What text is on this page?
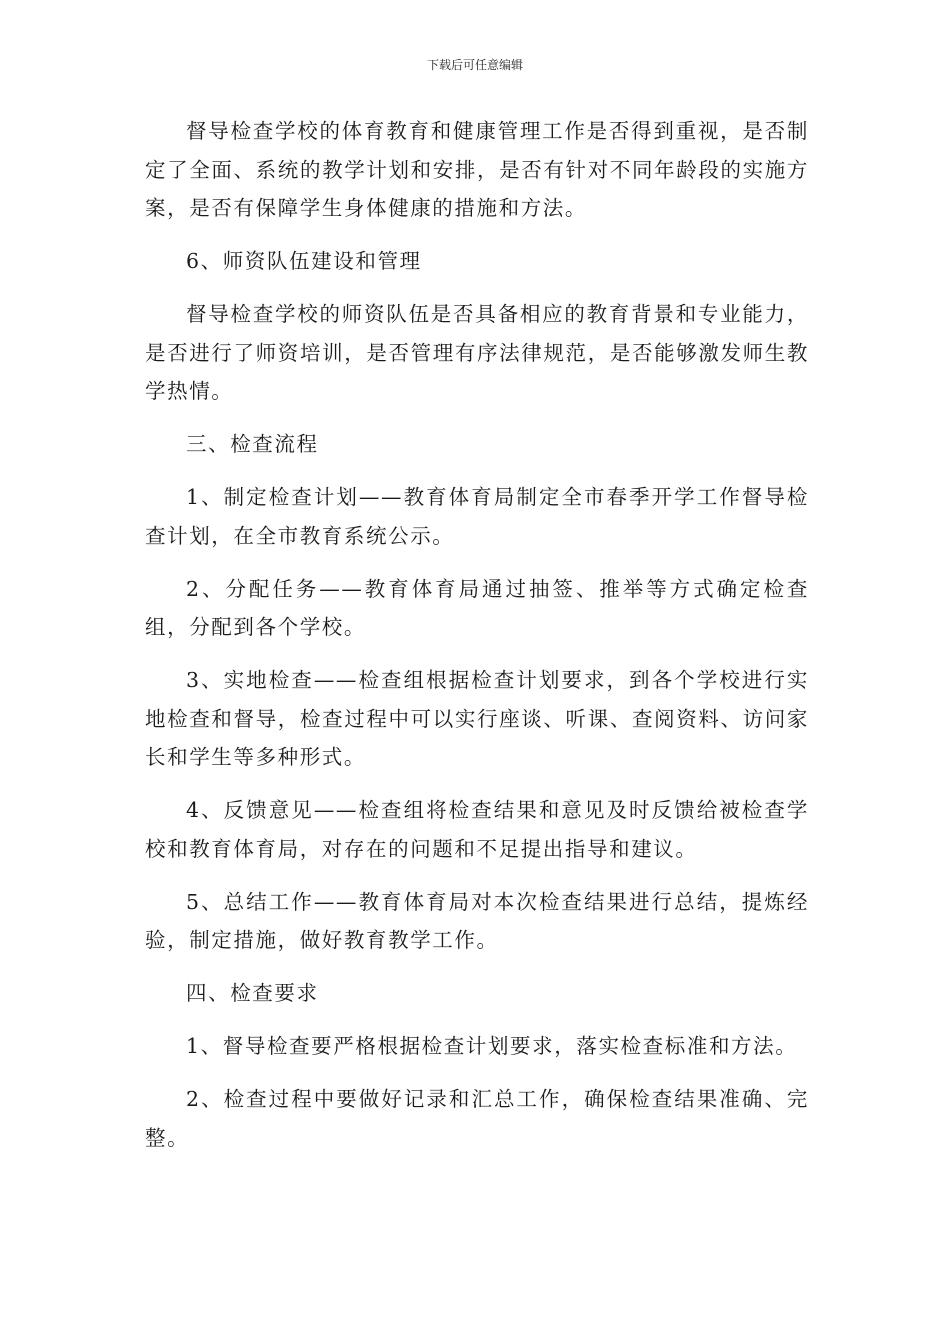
下载后可任意编辑

督导检查学校的体育教育和健康管理工作是否得到重视，是否制定了全面、系统的教学计划和安排，是否有针对不同年龄段的实施方案，是否有保障学生身体健康的措施和方法。

6、师资队伍建设和管理

督导检查学校的师资队伍是否具备相应的教育背景和专业能力，是否进行了师资培训，是否管理有序法律规范，是否能够激发师生教学热情。

三、检查流程

1、制定检查计划——教育体育局制定全市春季开学工作督导检查计划，在全市教育系统公示。

2、分配任务——教育体育局通过抽签、推举等方式确定检查组，分配到各个学校。

3、实地检查——检查组根据检查计划要求，到各个学校进行实地检查和督导，检查过程中可以实行座谈、听课、查阅资料、访问家长和学生等多种形式。

4、反馈意见——检查组将检查结果和意见及时反馈给被检查学校和教育体育局，对存在的问题和不足提出指导和建议。

5、总结工作——教育体育局对本次检查结果进行总结，提炼经验，制定措施，做好教育教学工作。

四、检查要求

1、督导检查要严格根据检查计划要求，落实检查标准和方法。

2、检查过程中要做好记录和汇总工作，确保检查结果准确、完整。
